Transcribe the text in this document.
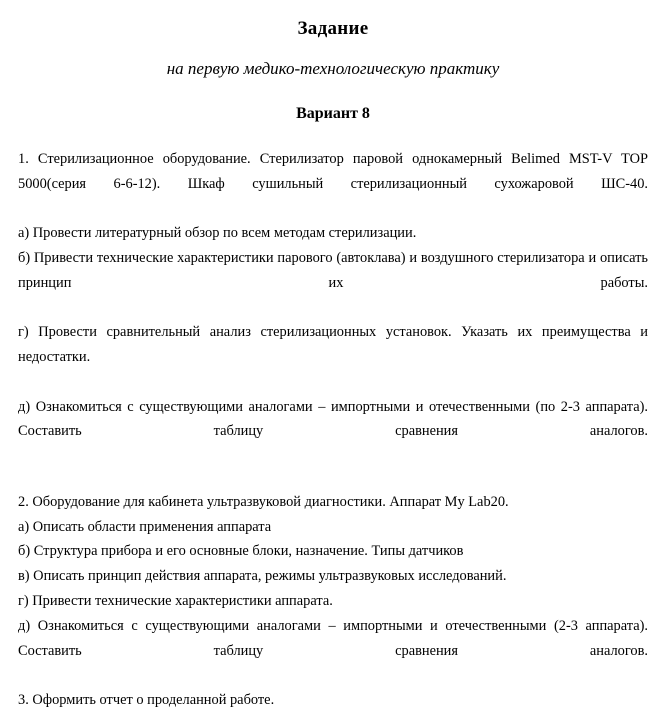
Задание
на первую медико-технологическую практику
Вариант 8

1. Стерилизационное оборудование. Стерилизатор паровой однокамерный Belimed MST-V TOP 5000(серия 6-6-12). Шкаф сушильный стерилизационный сухожаровой ШС-40.

а) Провести литературный обзор по всем методам стерилизации.

б) Привести технические характеристики парового (автоклава) и воздушного стерилизатора и описать принцип их работы.

г) Провести сравнительный анализ стерилизационных установок. Указать их преимущества и недостатки.

д) Ознакомиться с существующими аналогами – импортными и отечественными (по 2-3 аппарата). Составить таблицу сравнения аналогов.

2. Оборудование для кабинета ультразвуковой диагностики. Аппарат My Lab20.

а) Описать области применения аппарата

б) Структура прибора и его основные блоки, назначение. Типы датчиков

в) Описать принцип действия аппарата, режимы ультразвуковых исследований.

г) Привести технические характеристики аппарата.

д) Ознакомиться с существующими аналогами – импортными и отечественными (2-3 аппарата). Составить таблицу сравнения аналогов.

3. Оформить отчет о проделанной работе.
